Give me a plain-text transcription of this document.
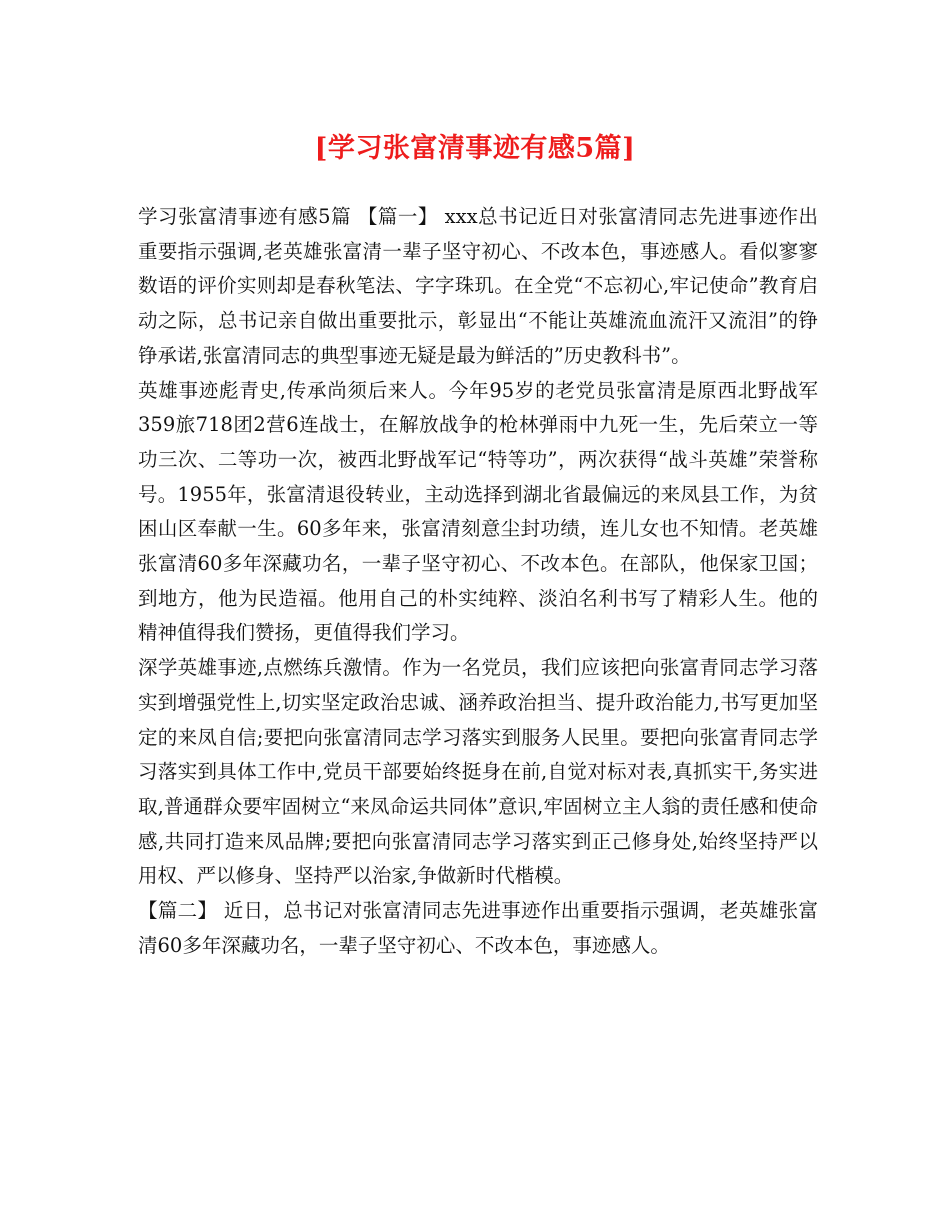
[学习张富清事迹有感5篇]

学习张富清事迹有感5篇 【篇一】 xxx总书记近日对张富清同志先进事迹作出重要指示强调,老英雄张富清一辈子坚守初心、不改本色，事迹感人。看似寥寥数语的评价实则却是春秋笔法、字字珠玑。在全党“不忘初心,牢记使命”教育启动之际，总书记亲自做出重要批示，彰显出“不能让英雄流血流汗又流泪”的铮铮承诺,张富清同志的典型事迹无疑是最为鲜活的”历史教科书”。

英雄事迹彪青史,传承尚须后来人。今年95岁的老党员张富清是原西北野战军359旅718团2营6连战士，在解放战争的枪林弹雨中九死一生，先后荣立一等功三次、二等功一次，被西北野战军记“特等功”，两次获得“战斗英雄”荣誉称号。1955年，张富清退役转业，主动选择到湖北省最偏远的来凤县工作，为贫困山区奉献一生。60多年来，张富清刻意尘封功绩，连儿女也不知情。老英雄张富清60多年深藏功名，一辈子坚守初心、不改本色。在部队，他保家卫国；到地方，他为民造福。他用自己的朴实纯粹、淡泊名利书写了精彩人生。他的精神值得我们赞扬，更值得我们学习。

深学英雄事迹,点燃练兵激情。作为一名党员，我们应该把向张富青同志学习落实到增强党性上,切实坚定政治忠诚、涵养政治担当、提升政治能力,书写更加坚定的来凤自信;要把向张富清同志学习落实到服务人民里。要把向张富青同志学习落实到具体工作中,党员干部要始终挺身在前,自觉对标对表,真抓实干,务实进取,普通群众要牢固树立“来凤命运共同体”意识,牢固树立主人翁的责任感和使命感,共同打造来凤品牌;要把向张富清同志学习落实到正己修身处,始终坚持严以用权、严以修身、坚持严以治家,争做新时代楷模。

【篇二】 近日，总书记对张富清同志先进事迹作出重要指示强调，老英雄张富清60多年深藏功名，一辈子坚守初心、不改本色，事迹感人。
